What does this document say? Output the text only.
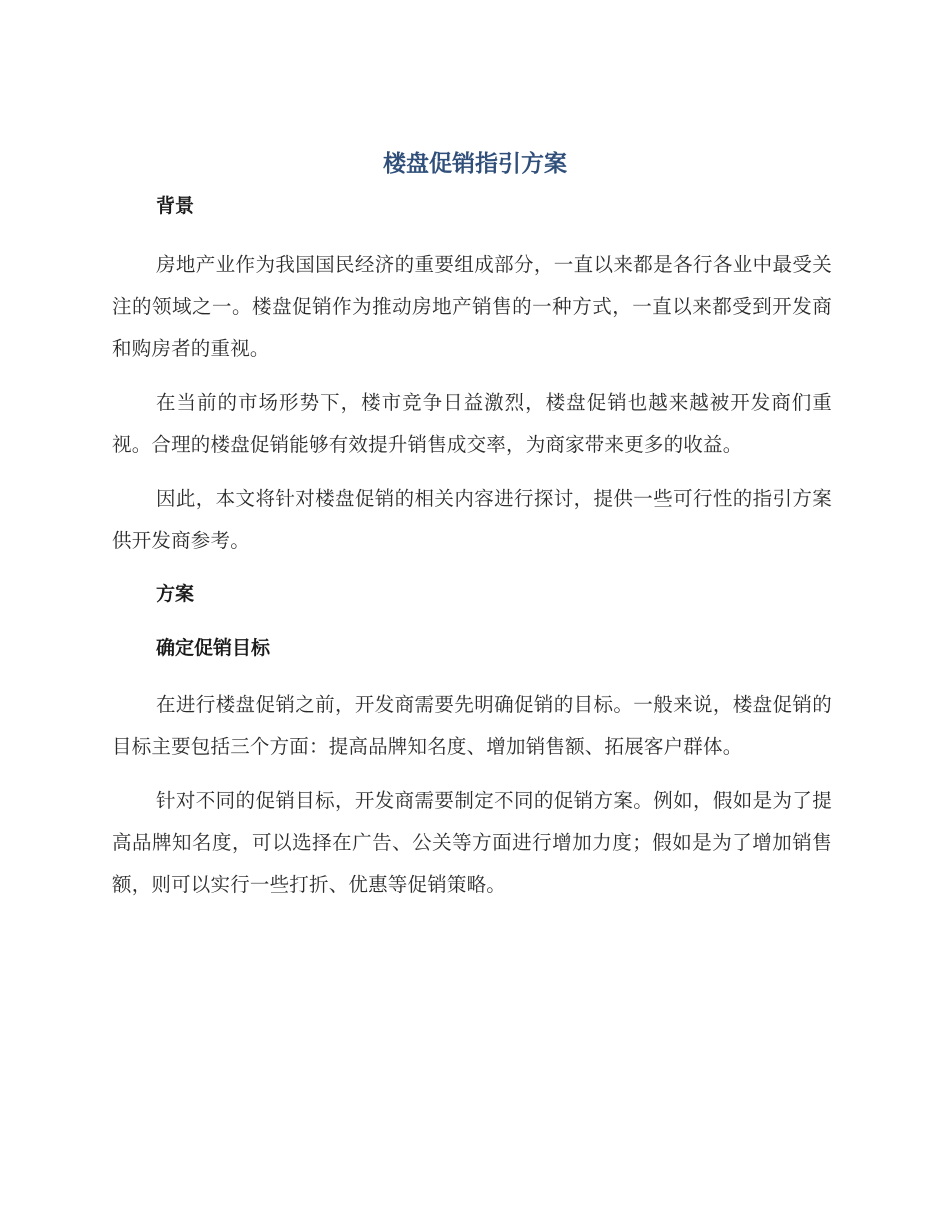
楼盘促销指引方案
背景

房地产业作为我国国民经济的重要组成部分，一直以来都是各行各业中最受关注的领域之一。楼盘促销作为推动房地产销售的一种方式，一直以来都受到开发商和购房者的重视。

在当前的市场形势下，楼市竞争日益激烈，楼盘促销也越来越被开发商们重视。合理的楼盘促销能够有效提升销售成交率，为商家带来更多的收益。

因此，本文将针对楼盘促销的相关内容进行探讨，提供一些可行性的指引方案供开发商参考。

方案
确定促销目标

在进行楼盘促销之前，开发商需要先明确促销的目标。一般来说，楼盘促销的目标主要包括三个方面：提高品牌知名度、增加销售额、拓展客户群体。

针对不同的促销目标，开发商需要制定不同的促销方案。例如，假如是为了提高品牌知名度，可以选择在广告、公关等方面进行增加力度；假如是为了增加销售额，则可以实行一些打折、优惠等促销策略。
